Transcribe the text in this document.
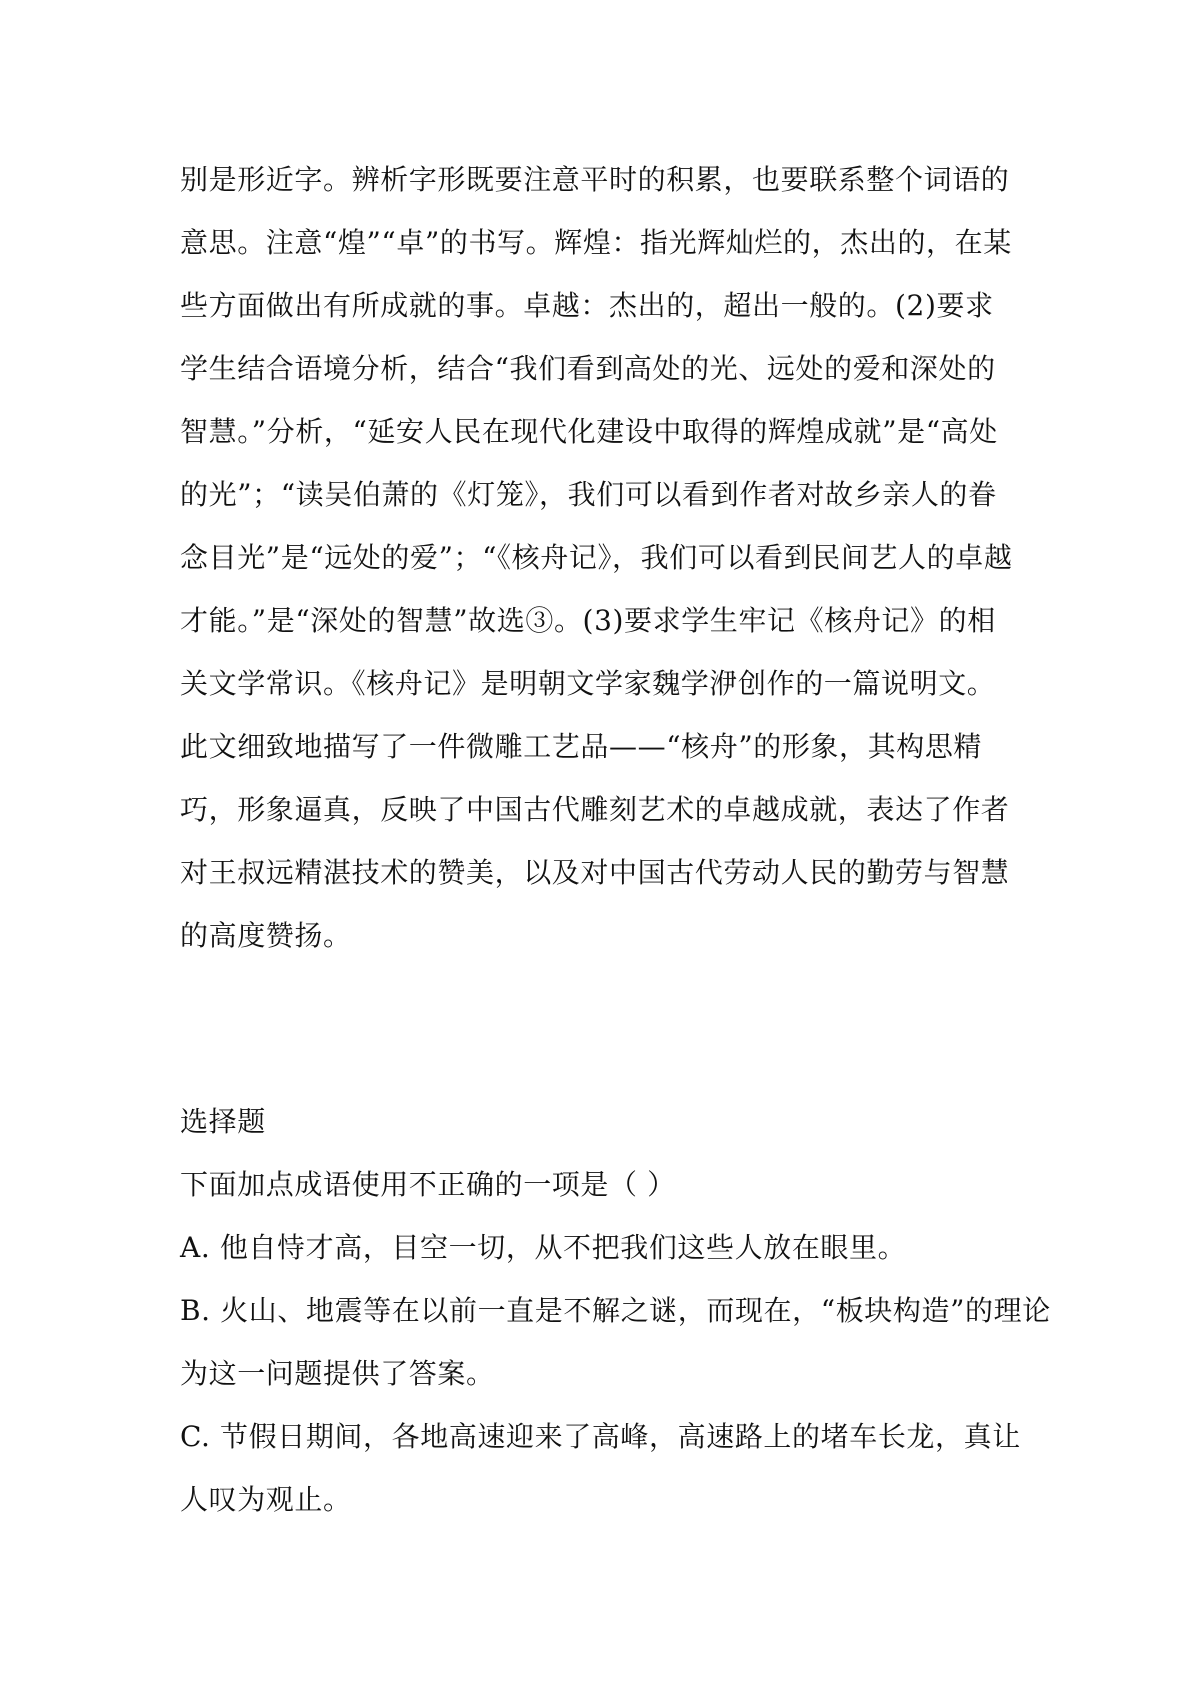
别是形近字。辨析字形既要注意平时的积累，也要联系整个词语的意思。注意“煌”“卓”的书写。辉煌：指光辉灿烂的，杰出的，在某些方面做出有所成就的事。卓越：杰出的，超出一般的。(2)要求学生结合语境分析，结合“我们看到高处的光、远处的爱和深处的智慧。”分析，“延安人民在现代化建设中取得的辉煌成就”是“高处的光”；“读吴伯萧的《灯笼》，我们可以看到作者对故乡亲人的眷念目光”是“远处的爱”；“《核舟记》，我们可以看到民间艺人的卓越才能。”是“深处的智慧”故选③。(3)要求学生牢记《核舟记》的相关文学常识。《核舟记》是明朝文学家魏学洢创作的一篇说明文。此文细致地描写了一件微雕工艺品——“核舟”的形象，其构思精巧，形象逼真，反映了中国古代雕刻艺术的卓越成就，表达了作者对王叔远精湛技术的赞美，以及对中国古代劳动人民的勤劳与智慧的高度赞扬。

选择题

下面加点成语使用不正确的一项是（ ）

A. 他自恃才高，目空一切，从不把我们这些人放在眼里。

B. 火山、地震等在以前一直是不解之谜，而现在，“板块构造”的理论

为这一问题提供了答案。

C. 节假日期间，各地高速迎来了高峰，高速路上的堵车长龙，真让

人叹为观止。
